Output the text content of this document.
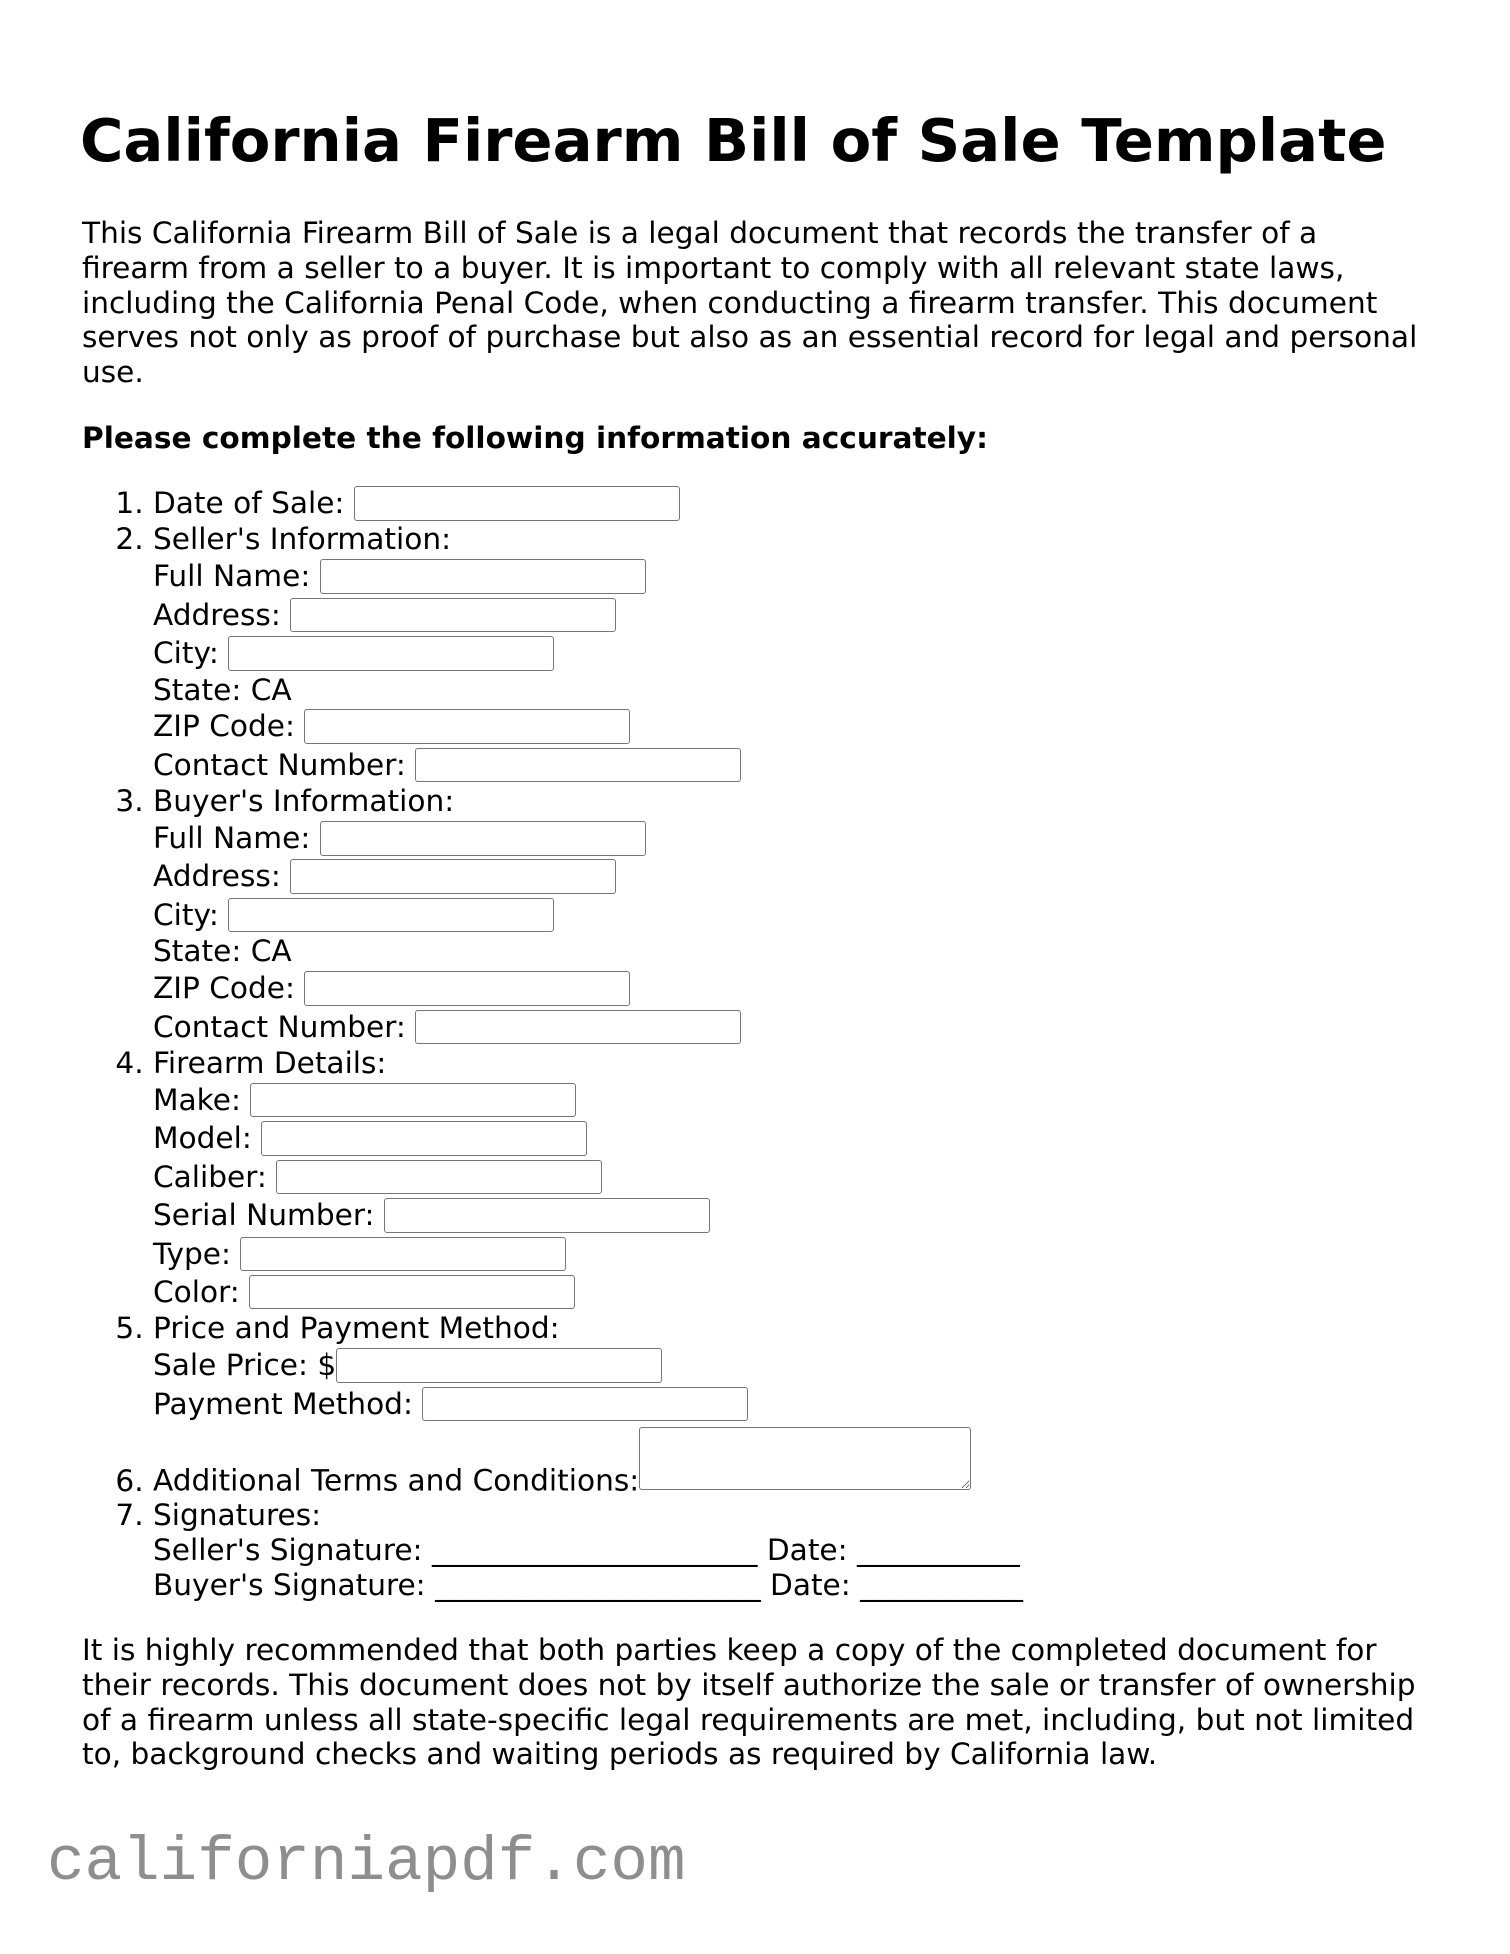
California Firearm Bill of Sale Template

This California Firearm Bill of Sale is a legal document that records the transfer of a firearm from a seller to a buyer. It is important to comply with all relevant state laws, including the California Penal Code, when conducting a firearm transfer. This document serves not only as proof of purchase but also as an essential record for legal and personal use.

Please complete the following information accurately:

1. Date of Sale:
2. Seller's Information:
Full Name:
Address:
City:
State: CA
ZIP Code:
Contact Number:
3. Buyer's Information:
Full Name:
Address:
City:
State: CA
ZIP Code:
Contact Number:
4. Firearm Details:
Make:
Model:
Caliber:
Serial Number:
Type:
Color:
5. Price and Payment Method:
Sale Price: $
Payment Method:
6. Additional Terms and Conditions:
7. Signatures:
Seller's Signature: ______________________ Date: ___________
Buyer's Signature: ______________________ Date: ___________

It is highly recommended that both parties keep a copy of the completed document for their records. This document does not by itself authorize the sale or transfer of ownership of a firearm unless all state-specific legal requirements are met, including, but not limited to, background checks and waiting periods as required by California law.

californiapdf.com
